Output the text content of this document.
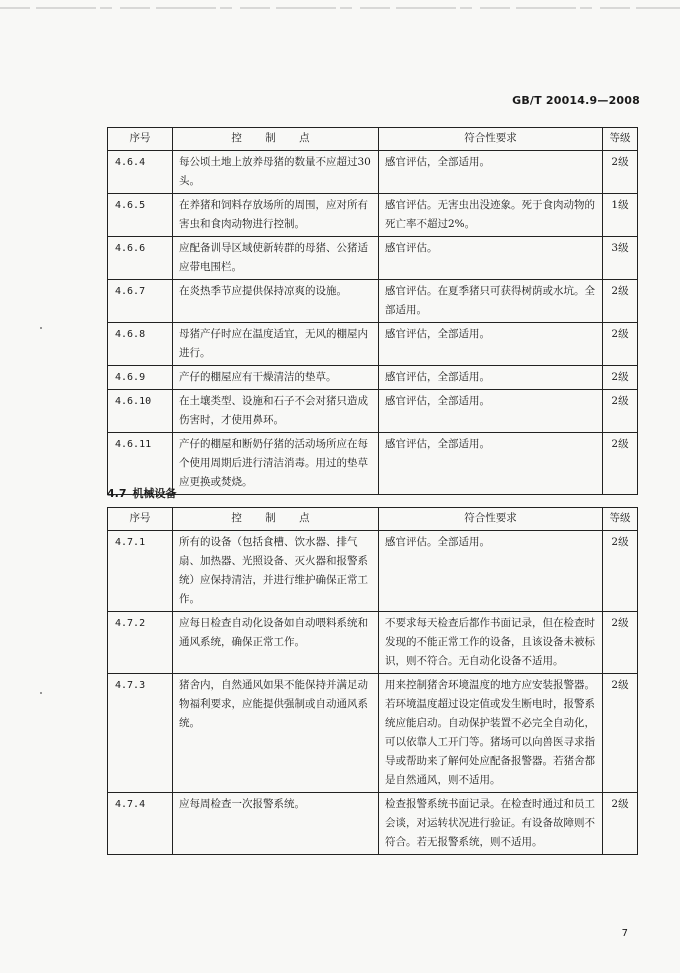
GB/T 20014.9—2008
序号	控 制 点	符合性要求	等级
4.6.4	每公顷土地上放养母猪的数量不应超过30头。	感官评估，全部适用。	2级
4.6.5	在养猪和饲料存放场所的周围，应对所有害虫和食肉动物进行控制。	感官评估。无害虫出没迹象。死于食肉动物的死亡率不超过2%。	1级
4.6.6	应配备训导区域使新转群的母猪、公猪适应带电围栏。	感官评估。	3级
4.6.7	在炎热季节应提供保持凉爽的设施。	感官评估。在夏季猪只可获得树荫或水坑。全部适用。	2级
4.6.8	母猪产仔时应在温度适宜，无风的棚屋内进行。	感官评估，全部适用。	2级
4.6.9	产仔的棚屋应有干燥清洁的垫草。	感官评估，全部适用。	2级
4.6.10	在土壤类型、设施和石子不会对猪只造成伤害时，才使用鼻环。	感官评估，全部适用。	2级
4.6.11	产仔的棚屋和断奶仔猪的活动场所应在每个使用周期后进行清洁消毒。用过的垫草应更换或焚烧。	感官评估，全部适用。	2级
4.7 机械设备
序号	控 制 点	符合性要求	等级
4.7.1	所有的设备（包括食槽、饮水器、排气扇、加热器、光照设备、灭火器和报警系统）应保持清洁，并进行维护确保正常工作。	感官评估。全部适用。	2级
4.7.2	应每日检查自动化设备如自动喂料系统和通风系统，确保正常工作。	不要求每天检查后都作书面记录，但在检查时发现的不能正常工作的设备，且该设备未被标识，则不符合。无自动化设备不适用。	2级
4.7.3	猪舍内，自然通风如果不能保持并满足动物福利要求，应能提供强制或自动通风系统。	用来控制猪舍环境温度的地方应安装报警器。若环境温度超过设定值或发生断电时，报警系统应能启动。自动保护装置不必完全自动化，可以依靠人工开门等。猪场可以向兽医寻求指导或帮助来了解何处应配备报警器。若猪舍都是自然通风，则不适用。	2级
4.7.4	应每周检查一次报警系统。	检查报警系统书面记录。在检查时通过和员工会谈，对运转状况进行验证。有设备故障则不符合。若无报警系统，则不适用。	2级
7
